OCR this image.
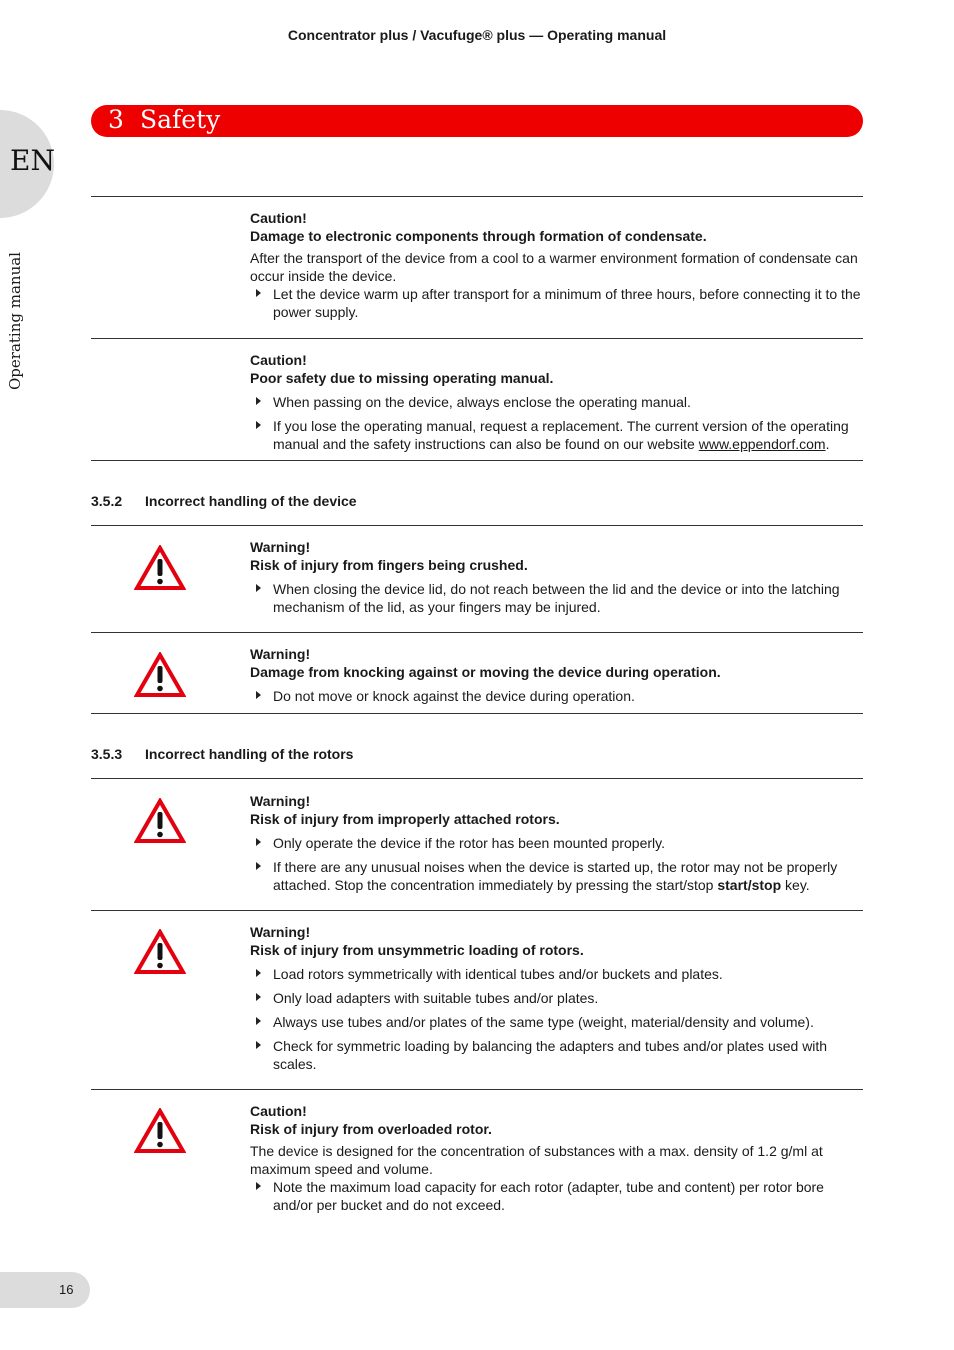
Concentrator plus / Vacufuge® plus — Operating manual
3 Safety
EN
Operating manual
Caution!
Damage to electronic components through formation of condensate.
After the transport of the device from a cool to a warmer environment formation of condensate can occur inside the device.
Let the device warm up after transport for a minimum of three hours, before connecting it to the power supply.
Caution!
Poor safety due to missing operating manual.
When passing on the device, always enclose the operating manual.
If you lose the operating manual, request a replacement. The current version of the operating manual and the safety instructions can also be found on our website www.eppendorf.com.
3.5.2 Incorrect handling of the device
Warning!
Risk of injury from fingers being crushed.
When closing the device lid, do not reach between the lid and the device or into the latching mechanism of the lid, as your fingers may be injured.
Warning!
Damage from knocking against or moving the device during operation.
Do not move or knock against the device during operation.
3.5.3 Incorrect handling of the rotors
Warning!
Risk of injury from improperly attached rotors.
Only operate the device if the rotor has been mounted properly.
If there are any unusual noises when the device is started up, the rotor may not be properly attached. Stop the concentration immediately by pressing the start/stop start/stop key.
Warning!
Risk of injury from unsymmetric loading of rotors.
Load rotors symmetrically with identical tubes and/or buckets and plates.
Only load adapters with suitable tubes and/or plates.
Always use tubes and/or plates of the same type (weight, material/density and volume).
Check for symmetric loading by balancing the adapters and tubes and/or plates used with scales.
Caution!
Risk of injury from overloaded rotor.
The device is designed for the concentration of substances with a max. density of 1.2 g/ml at maximum speed and volume.
Note the maximum load capacity for each rotor (adapter, tube and content) per rotor bore and/or per bucket and do not exceed.
16
